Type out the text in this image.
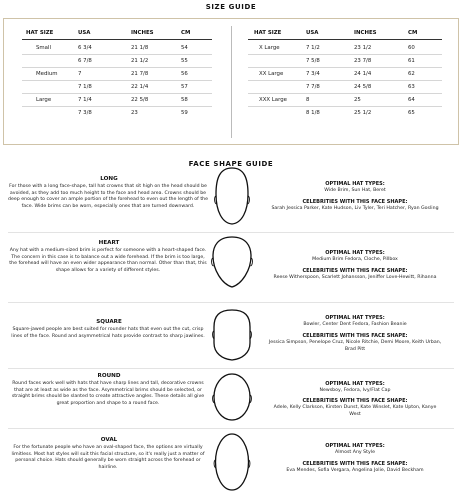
SIZE GUIDE
HAT SIZE	USA	INCHES	CM	HAT SIZE	USA	INCHES	CM
Small	6 3/4	21 1/8	54
6 7/8	21 1/2	55
Medium	7	21 7/8	56
7 1/8	22 1/4	57
Large	7 1/4	22 5/8	58
7 3/8	23	59
X Large	7 1/2	23 1/2	60
7 5/8	23 7/8	61
XX Large	7 3/4	24 1/4	62
7 7/8	24 5/8	63
XXX Large	8	25	64
8 1/8	25 1/2	65
FACE SHAPE GUIDE
LONG
For those with a long face-shape, tall hat crowns that sit high on the head should be avoided, as they add too much height to the face and head area. Crowns should be deep enough to cover an ample portion of the forehead to even out the length of the face. Wide brims can be worn, especially ones that are turned downward.
OPTIMAL HAT TYPES:
Wide Brim, Sun Hat, Beret
CELEBRITIES WITH THIS FACE SHAPE:
Sarah Jessica Parker, Kate Hudson, Liv Tyler, Teri Hatcher, Ryan Gosling
HEART
Any hat with a medium-sized brim is perfect for someone with a heart-shaped face. The concern in this case is to balance out a wide forehead. If the brim is too large, the forehead will have an even wider appearance than normal. Other than that, this shape allows for a variety of different styles.
OPTIMAL HAT TYPES:
Medium Brim Fedora, Cloche, Pillbox
CELEBRITIES WITH THIS FACE SHAPE:
Reese Witherspoon, Scarlett Johansson, Jeniffer Love-Hewitt, Rihanna
SQUARE
Square-jawed people are best suited for rounder hats that even out the cut, crisp lines of the face. Round and asymmetrical hats provide contrast to sharp jawlines.
OPTIMAL HAT TYPES:
Bowler, Center Dent Fedora, Fashion Beanie
CELEBRITIES WITH THIS FACE SHAPE:
Jessica Simpson, Penelope Cruz, Nicole Ritchie, Demi Moore, Keith Urban, Brad Pitt
ROUND
Round faces work well with hats that have sharp lines and tall, decorative crowns that are at least as wide as the face. Asymmetrical brims should be selected, or straight brims should be slanted to create attractive angles. These details all give great proportion and shape to a round face.
OPTIMAL HAT TYPES:
Newsboy, Fedora, Ivy/Flat Cap
CELEBRITIES WITH THIS FACE SHAPE:
Adele, Kelly Clarkson, Kirsten Dunst, Kate Winslet, Kate Upton, Kanye West
OVAL
For the fortunate people who have an oval-shaped face, the options are virtually limitless. Most hat styles will suit this facial structure, so it's really just a matter of personal choice. Hats should generally be worn straight across the forehead or hairline.
OPTIMAL HAT TYPES:
Almost Any Style
CELEBRITIES WITH THIS FACE SHAPE:
Eva Mendes, Sofia Vergara, Angelina Jolie, David Beckham
